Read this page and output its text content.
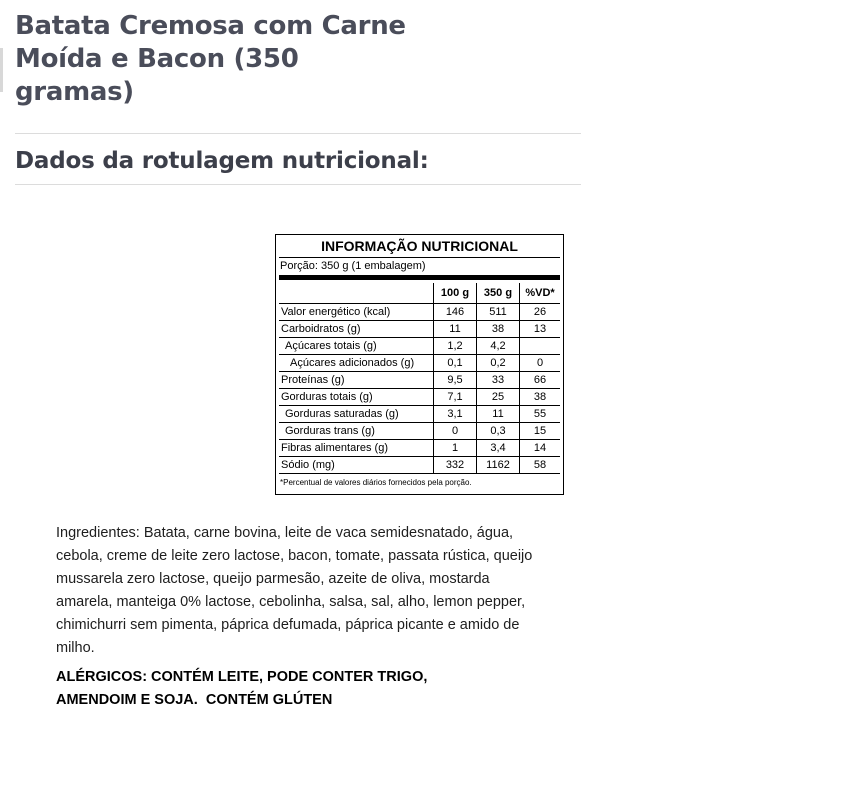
Batata Cremosa com Carne
Moída e Bacon (350
gramas)
Dados da rotulagem nutricional:
INFORMAÇÃO NUTRICIONAL
Porção: 350 g (1 embalagem)
	100 g	350 g	%VD*
Valor energético (kcal)	146	511	26
Carboidratos (g)	11	38	13
Açúcares totais (g)	1,2	4,2	
Açúcares adicionados (g)	0,1	0,2	0
Proteínas (g)	9,5	33	66
Gorduras totais (g)	7,1	25	38
Gorduras saturadas (g)	3,1	11	55
Gorduras trans (g)	0	0,3	15
Fibras alimentares (g)	1	3,4	14
Sódio (mg)	332	1162	58
*Percentual de valores diários fornecidos pela porção.

Ingredientes: Batata, carne bovina, leite de vaca semidesnatado, água, cebola, creme de leite zero lactose, bacon, tomate, passata rústica, queijo mussarela zero lactose, queijo parmesão, azeite de oliva, mostarda amarela, manteiga 0% lactose, cebolinha, salsa, sal, alho, lemon pepper, chimichurri sem pimenta, páprica defumada, páprica picante e amido de milho.

ALÉRGICOS: CONTÉM LEITE, PODE CONTER TRIGO,
AMENDOIM E SOJA.  CONTÉM GLÚTEN
